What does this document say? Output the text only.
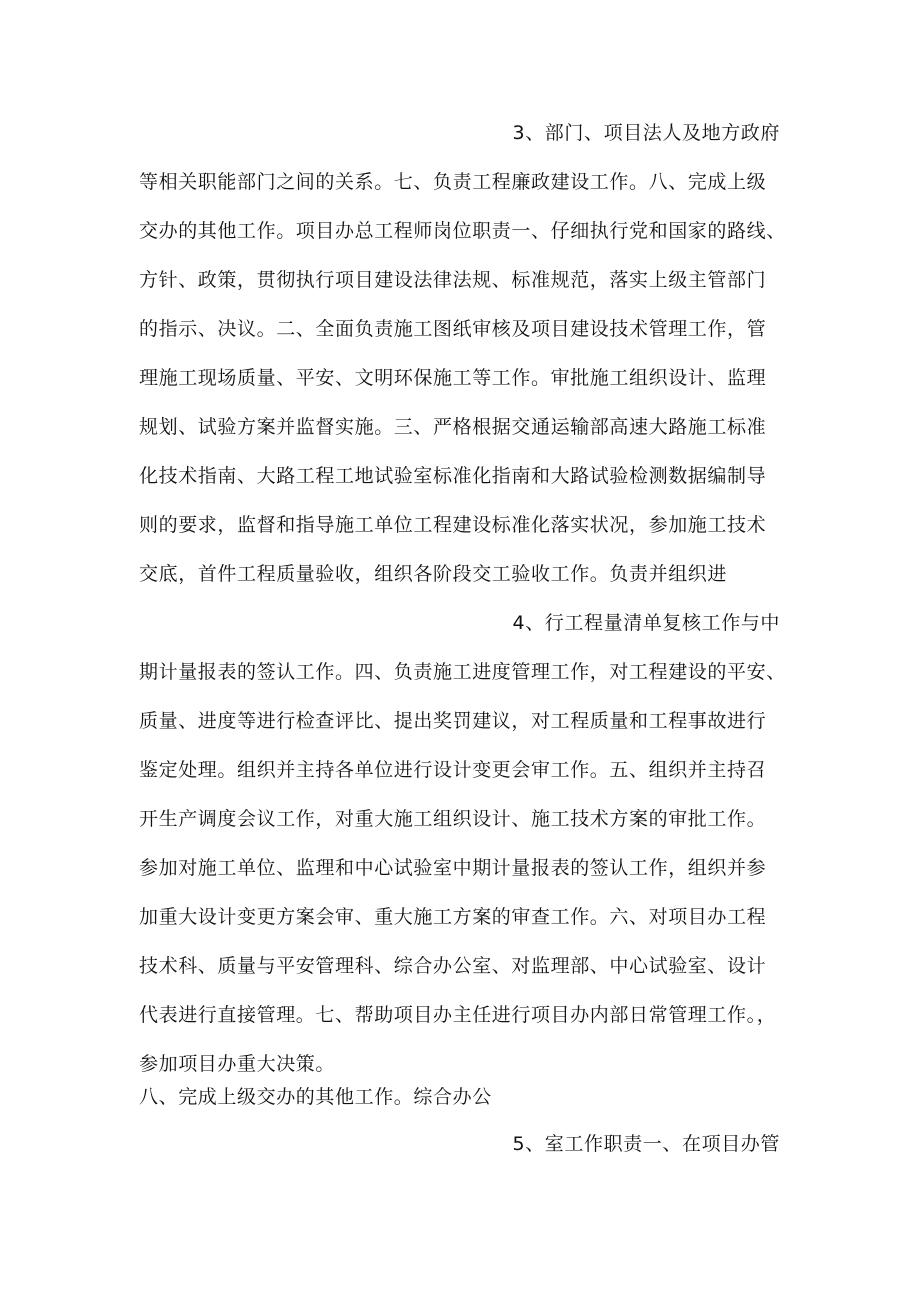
3、部门、项目法人及地方政府
等相关职能部门之间的关系。七、负责工程廉政建设工作。八、完成上级
交办的其他工作。项目办总工程师岗位职责一、仔细执行党和国家的路线、
方针、政策，贯彻执行项目建设法律法规、标准规范，落实上级主管部门
的指示、决议。二、全面负责施工图纸审核及项目建设技术管理工作，管
理施工现场质量、平安、文明环保施工等工作。审批施工组织设计、监理
规划、试验方案并监督实施。三、严格根据交通运输部高速大路施工标准
化技术指南、大路工程工地试验室标准化指南和大路试验检测数据编制导
则的要求，监督和指导施工单位工程建设标准化落实状况，参加施工技术
交底，首件工程质量验收，组织各阶段交工验收工作。负责并组织进
4、行工程量清单复核工作与中
期计量报表的签认工作。四、负责施工进度管理工作，对工程建设的平安、
质量、进度等进行检查评比、提出奖罚建议，对工程质量和工程事故进行
鉴定处理。组织并主持各单位进行设计变更会审工作。五、组织并主持召
开生产调度会议工作，对重大施工组织设计、施工技术方案的审批工作。
参加对施工单位、监理和中心试验室中期计量报表的签认工作，组织并参
加重大设计变更方案会审、重大施工方案的审查工作。六、对项目办工程
技术科、质量与平安管理科、综合办公室、对监理部、中心试验室、设计
代表进行直接管理。七、帮助项目办主任进行项目办内部日常管理工作。，
参加项目办重大决策。
八、完成上级交办的其他工作。综合办公
5、室工作职责一、在项目办管
